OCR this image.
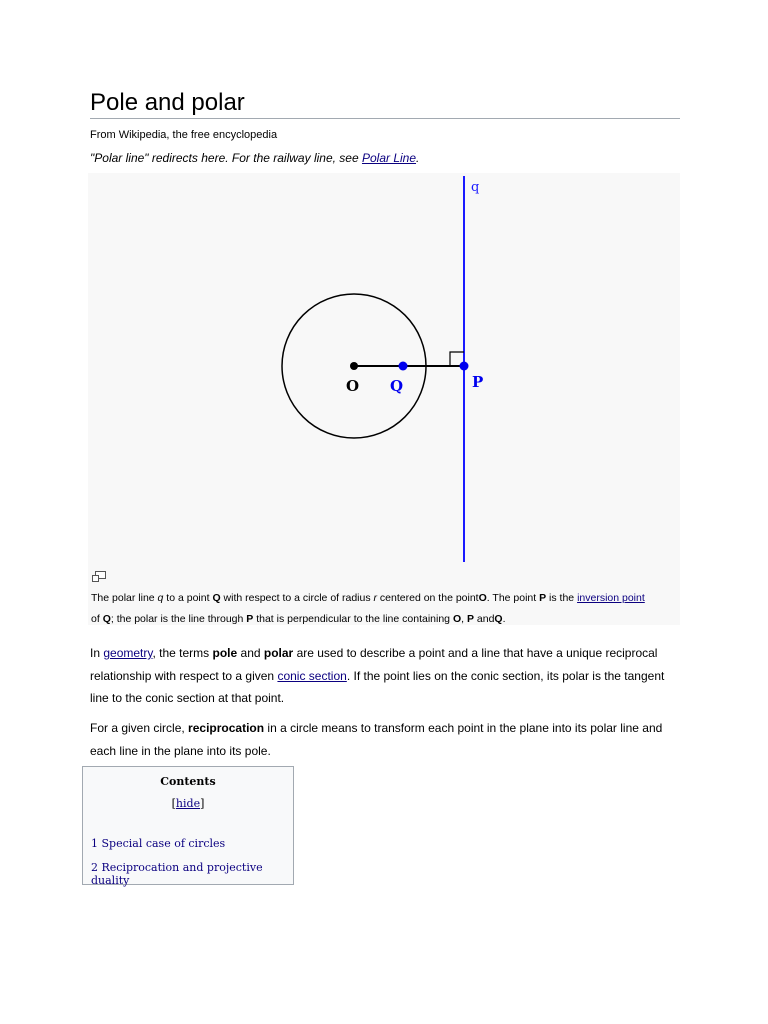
Pole and polar
From Wikipedia, the free encyclopedia
"Polar line" redirects here. For the railway line, see Polar Line.
q
O Q	P
The polar line q to a point Q with respect to a circle of radius r centered on the pointO. The point P is the inversion point of Q; the polar is the line through P that is perpendicular to the line containing O, P andQ.

In geometry, the terms pole and polar are used to describe a point and a line that have a unique reciprocal relationship with respect to a given conic section. If the point lies on the conic section, its polar is the tangent line to the conic section at that point.

For a given circle, reciprocation in a circle means to transform each point in the plane into its polar line and each line in the plane into its pole.

Contents
[hide]
1 Special case of circles
2 Reciprocation and projective duality
